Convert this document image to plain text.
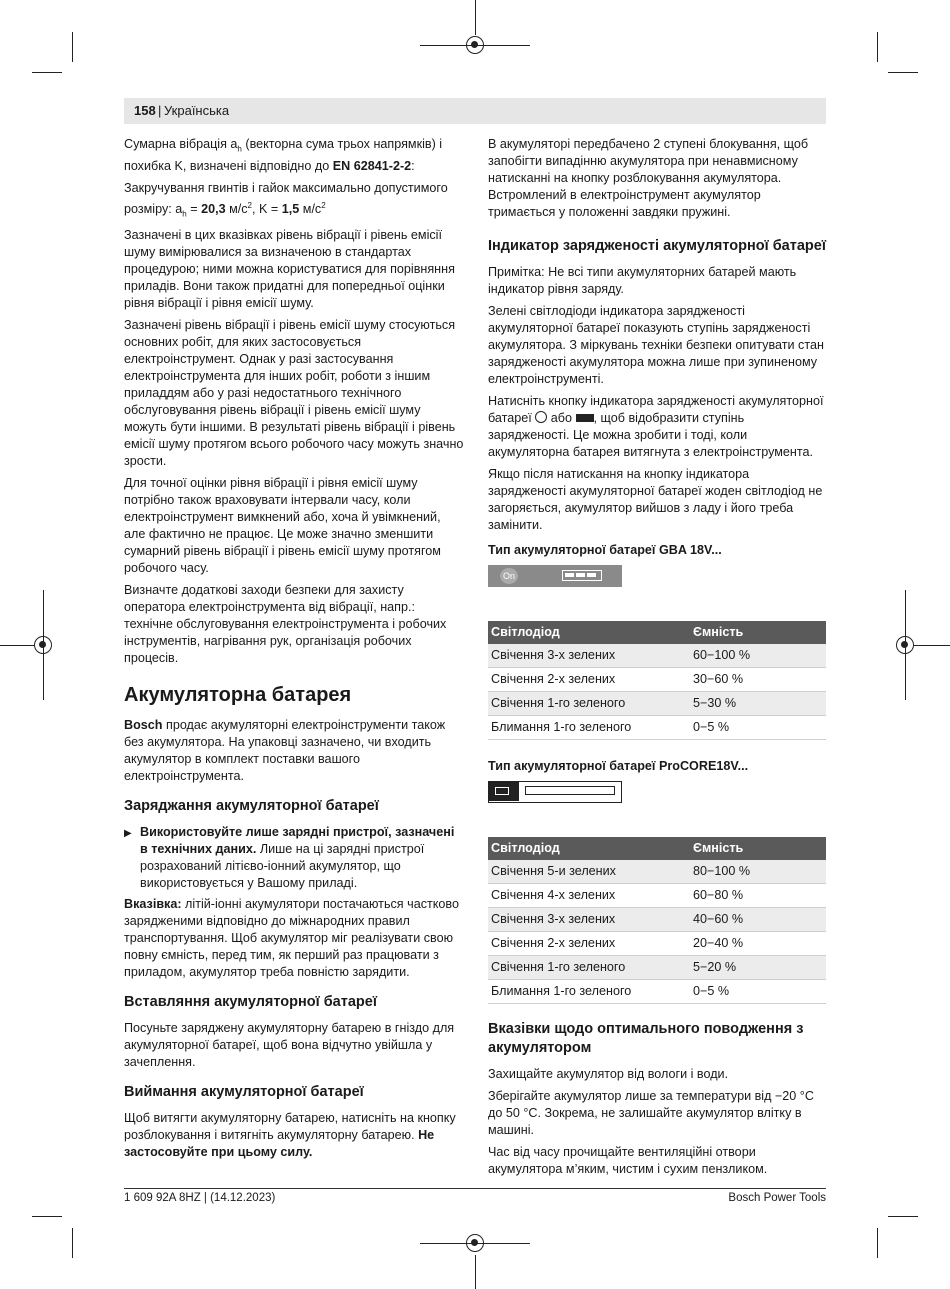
158 | Українська

Сумарна вібрація $a_h$ (векторна сума трьох напрямків) і похибка K, визначені відповідно до EN 62841-2-2:

Закручування гвинтів і гайок максимально допустимого розміру: $a_h = 20,3$ $м/с^2$, K = 1,5 $м/с^2$

Зазначені в цих вказівках рівень вібрації і рівень емісії шуму вимірювалися за визначеною в стандартах процедурою; ними можна користуватися для порівняння приладів. Вони також придатні для попередньої оцінки рівня вібрації і рівня емісії шуму.

Зазначені рівень вібрації і рівень емісії шуму стосуються основних робіт, для яких застосовується електроінструмент. Однак у разі застосування електроінструмента для інших робіт, роботи з іншим приладдям або у разі недостатнього технічного обслуговування рівень вібрації і рівень емісії шуму можуть бути іншими. В результаті рівень вібрації і рівень емісії шуму протягом всього робочого часу можуть значно зрости.

Для точної оцінки рівня вібрації і рівня емісії шуму потрібно також враховувати інтервали часу, коли електроінструмент вимкнений або, хоча й увімкнений, але фактично не працює. Це може значно зменшити сумарний рівень вібрації і рівень емісії шуму протягом робочого часу.

Визначте додаткові заходи безпеки для захисту оператора електроінструмента від вібрації, напр.: технічне обслуговування електроінструмента і робочих інструментів, нагрівання рук, організація робочих процесів.

Акумуляторна батарея

Bosch продає акумуляторні електроінструменти також без акумулятора. На упаковці зазначено, чи входить акумулятор в комплект поставки вашого електроінструмента.

Заряджання акумуляторної батареї
▶ Використовуйте лише зарядні пристрої, зазначені в технічних даних. Лише на ці зарядні пристрої розрахований літієво-іонний акумулятор, що використовується у Вашому приладі.

Вказівка: літій-іонні акумулятори постачаються частково зарядженими відповідно до міжнародних правил транспортування. Щоб акумулятор міг реалізувати свою повну ємність, перед тим, як перший раз працювати з приладом, акумулятор треба повністю зарядити.

Вставляння акумуляторної батареї

Посуньте заряджену акумуляторну батарею в гніздо для акумуляторної батареї, щоб вона відчутно увійшла у зачеплення.

Виймання акумуляторної батареї

Щоб витягти акумуляторну батарею, натисніть на кнопку розблокування і витягніть акумуляторну батарею. Не застосовуйте при цьому силу.

В акумуляторі передбачено 2 ступені блокування, щоб запобігти випадінню акумулятора при ненавмисному натисканні на кнопку розблокування акумулятора. Встромлений в електроінструмент акумулятор тримається у положенні завдяки пружині.

Індикатор зарядженості акумуляторної батареї

Примітка: Не всі типи акумуляторних батарей мають індикатор рівня заряду.

Зелені світлодіоди індикатора зарядженості акумуляторної батареї показують ступінь зарядженості акумулятора. З міркувань техніки безпеки опитувати стан зарядженості акумулятора можна лише при зупиненому електроінструменті.

Натисніть кнопку індикатора зарядженості акумуляторної батареї  або , щоб відобразити ступінь зарядженості. Це можна зробити і тоді, коли акумуляторна батарея витягнута з електроінструмента.

Якщо після натискання на кнопку індикатора зарядженості акумуляторної батареї жоден світлодіод не загоряється, акумулятор вийшов з ладу і його треба замінити.

Тип акумуляторної батареї GBA 18V...
On
Світлодіод	Ємність
Свічення 3-х зелених	60−100 %
Свічення 2-х зелених	30−60 %
Свічення 1-го зеленого	5−30 %
Блимання 1-го зеленого	0−5 %
Тип акумуляторної батареї ProCORE18V...
Світлодіод	Ємність
Свічення 5-и зелених	80−100 %
Свічення 4-х зелених	60−80 %
Свічення 3-х зелених	40−60 %
Свічення 2-х зелених	20−40 %
Свічення 1-го зеленого	5−20 %
Блимання 1-го зеленого	0−5 %
Вказівки щодо оптимального поводження з акумулятором

Захищайте акумулятор від вологи і води.

Зберігайте акумулятор лише за температури від −20 °C до 50 °C. Зокрема, не залишайте акумулятор влітку в машині.

Час від часу прочищайте вентиляційні отвори акумулятора м’яким, чистим і сухим пензликом.

1 609 92A 8HZ | (14.12.2023)	Bosch Power Tools
